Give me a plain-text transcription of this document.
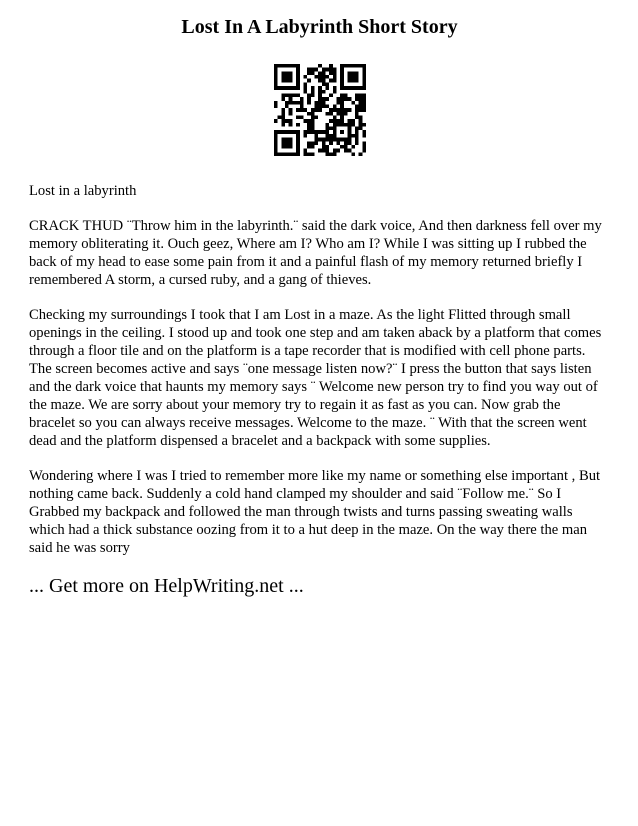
Lost In A Labyrinth Short Story

Lost in a labyrinth

CRACK THUD ¨Throw him in the labyrinth.¨ said the dark voice, And then darkness fell over my memory obliterating it. Ouch geez, Where am I? Who am I? While I was sitting up I rubbed the back of my head to ease some pain from it and a painful flash of my memory returned briefly I remembered A storm, a cursed ruby, and a gang of thieves.

Checking my surroundings I took that I am Lost in a maze. As the light Flitted through small openings in the ceiling. I stood up and took one step and am taken aback by a platform that comes through a floor tile and on the platform is a tape recorder that is modified with cell phone parts. The screen becomes active and says ¨one message listen now?¨ I press the button that says listen and the dark voice that haunts my memory says ¨ Welcome new person try to find you way out of the maze. We are sorry about your memory try to regain it as fast as you can. Now grab the bracelet so you can always receive messages. Welcome to the maze. ¨ With that the screen went dead and the platform dispensed a bracelet and a backpack with some supplies.

Wondering where I was I tried to remember more like my name or something else important , But nothing came back. Suddenly a cold hand clamped my shoulder and said ¨Follow me.¨ So I Grabbed my backpack and followed the man through twists and turns passing sweating walls which had a thick substance oozing from it to a hut deep in the maze. On the way there the man said he was sorry

... Get more on HelpWriting.net ...
